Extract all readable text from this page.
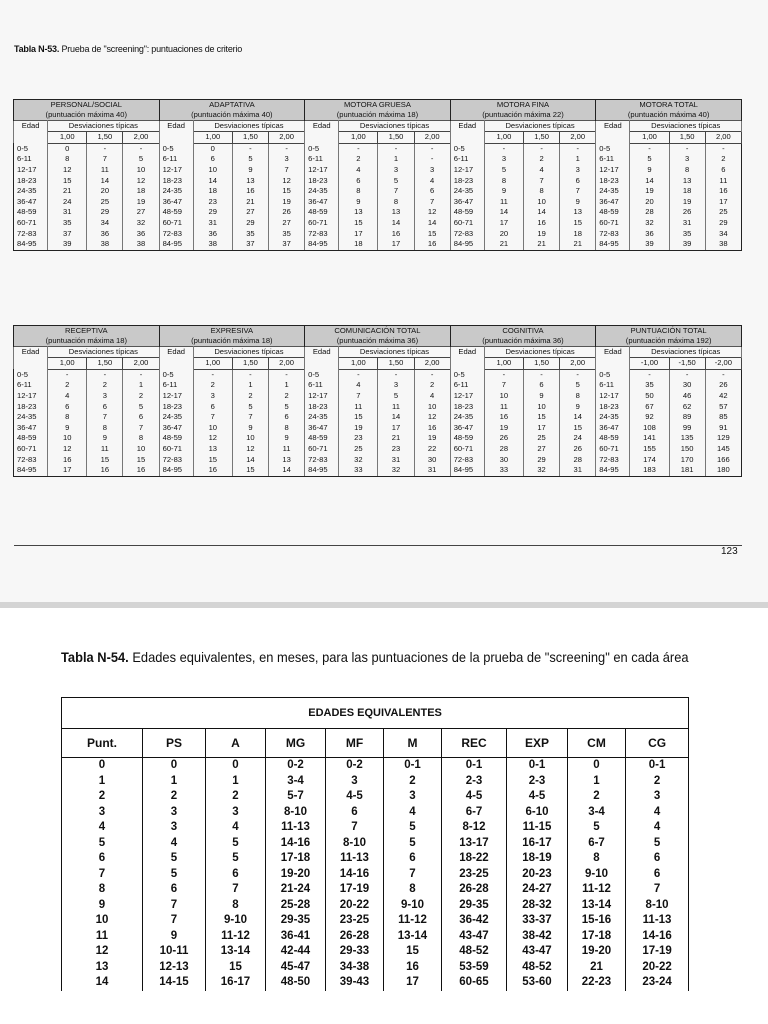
Tabla N-53. Prueba de "screening": puntuaciones de criterio
PERSONAL/SOCIAL				ADAPTATIVA				MOTORA GRUESA				MOTORA FINA				MOTORA TOTAL			
(puntuación máxima 40)				(puntuación máxima 40)				(puntuación máxima 18)				(puntuación máxima 22)				(puntuación máxima 40)			
Edad	Desviaciones típicas			Edad	Desviaciones típicas			Edad	Desviaciones típicas			Edad	Desviaciones típicas			Edad	Desviaciones típicas		
	1,00	1,50	2,00		1,00	1,50	2,00		1,00	1,50	2,00		1,00	1,50	2,00		1,00	1,50	2,00
0-5	0	-	-	0-5	0	-	-	0-5	-	-	-	0-5	-	-	-	0-5	-	-	-
6-11	8	7	5	6-11	6	5	3	6-11	2	1	-	6-11	3	2	1	6-11	5	3	2
12-17	12	11	10	12-17	10	9	7	12-17	4	3	3	12-17	5	4	3	12-17	9	8	6
18-23	15	14	12	18-23	14	13	12	18-23	6	5	4	18-23	8	7	6	18-23	14	13	11
24-35	21	20	18	24-35	18	16	15	24-35	8	7	6	24-35	9	8	7	24-35	19	18	16
36-47	24	25	19	36-47	23	21	19	36-47	9	8	7	36-47	11	10	9	36-47	20	19	17
48-59	31	29	27	48-59	29	27	26	48-59	13	13	12	48-59	14	14	13	48-59	28	26	25
60-71	35	34	32	60-71	31	29	27	60-71	15	14	14	60-71	17	16	15	60-71	32	31	29
72-83	37	36	36	72-83	36	35	35	72-83	17	16	15	72-83	20	19	18	72-83	36	35	34
84-95	39	38	38	84-95	38	37	37	84-95	18	17	16	84-95	21	21	21	84-95	39	39	38
RECEPTIVA				EXPRESIVA				COMUNICACIÓN TOTAL				COGNITIVA				PUNTUACIÓN TOTAL			
(puntuación máxima 18)				(puntuación máxima 18)				(puntuación máxima 36)				(puntuación máxima 36)				(puntuación máxima 192)			
Edad	Desviaciones típicas			Edad	Desviaciones típicas			Edad	Desviaciones típicas			Edad	Desviaciones típicas			Edad	Desviaciones típicas		
	1,00	1,50	2,00		1,00	1,50	2,00		1,00	1,50	2,00		1,00	1,50	2,00		-1,00	-1,50	-2,00
0-5	-	-	-	0-5	-	-	-	0-5	-	-	-	0-5	-	-	-	0-5	-	-	-
6-11	2	2	1	6-11	2	1	1	6-11	4	3	2	6-11	7	6	5	6-11	35	30	26
12-17	4	3	2	12-17	3	2	2	12-17	7	5	4	12-17	10	9	8	12-17	50	46	42
18-23	6	6	5	18-23	6	5	5	18-23	11	11	10	18-23	11	10	9	18-23	67	62	57
24-35	8	7	6	24-35	7	7	6	24-35	15	14	12	24-35	16	15	14	24-35	92	89	85
36-47	9	8	7	36-47	10	9	8	36-47	19	17	16	36-47	19	17	15	36-47	108	99	91
48-59	10	9	8	48-59	12	10	9	48-59	23	21	19	48-59	26	25	24	48-59	141	135	129
60-71	12	11	10	60-71	13	12	11	60-71	25	23	22	60-71	28	27	26	60-71	155	150	145
72-83	16	15	15	72-83	15	14	13	72-83	32	31	30	72-83	30	29	28	72-83	174	170	166
84-95	17	16	16	84-95	16	15	14	84-95	33	32	31	84-95	33	32	31	84-95	183	181	180
123
Tabla N-54. Edades equivalentes, en meses, para las puntuaciones de la prueba de "screening" en cada área
EDADES EQUIVALENTES									
Punt.	PS	A	MG	MF	M	REC	EXP	CM	CG
0	0	0	0-2	0-2	0-1	0-1	0-1	0	0-1
1	1	1	3-4	3	2	2-3	2-3	1	2
2	2	2	5-7	4-5	3	4-5	4-5	2	3
3	3	3	8-10	6	4	6-7	6-10	3-4	4
4	3	4	11-13	7	5	8-12	11-15	5	4
5	4	5	14-16	8-10	5	13-17	16-17	6-7	5
6	5	5	17-18	11-13	6	18-22	18-19	8	6
7	5	6	19-20	14-16	7	23-25	20-23	9-10	6
8	6	7	21-24	17-19	8	26-28	24-27	11-12	7
9	7	8	25-28	20-22	9-10	29-35	28-32	13-14	8-10
10	7	9-10	29-35	23-25	11-12	36-42	33-37	15-16	11-13
11	9	11-12	36-41	26-28	13-14	43-47	38-42	17-18	14-16
12	10-11	13-14	42-44	29-33	15	48-52	43-47	19-20	17-19
13	12-13	15	45-47	34-38	16	53-59	48-52	21	20-22
14	14-15	16-17	48-50	39-43	17	60-65	53-60	22-23	23-24
